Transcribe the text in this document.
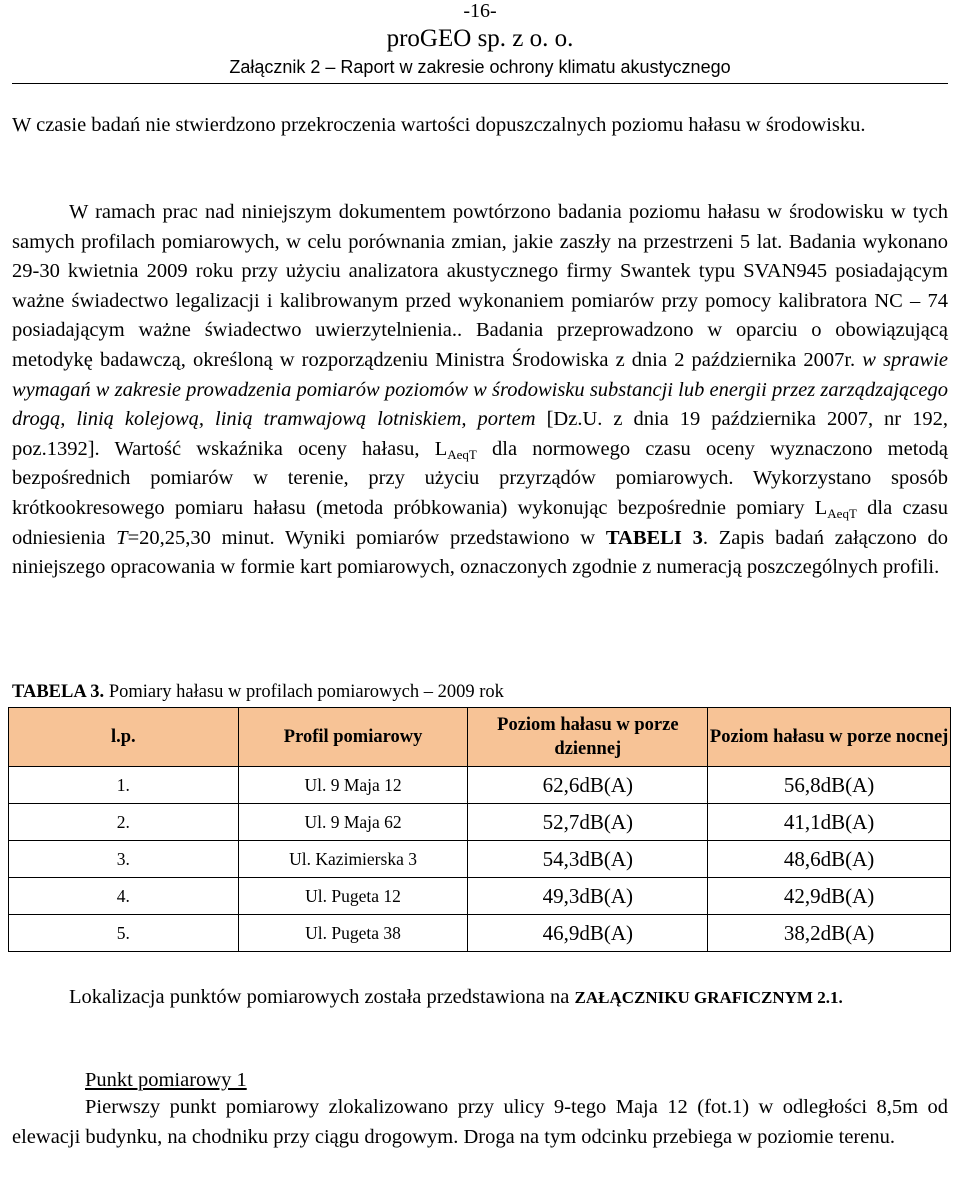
-16-
proGEO sp. z o. o.
Załącznik 2 – Raport w zakresie ochrony klimatu akustycznego
W czasie badań nie stwierdzono przekroczenia wartości dopuszczalnych poziomu hałasu w środowisku.
W ramach prac nad niniejszym dokumentem powtórzono badania poziomu hałasu w środowisku w tych samych profilach pomiarowych, w celu porównania zmian, jakie zaszły na przestrzeni 5 lat. Badania wykonano 29-30 kwietnia 2009 roku przy użyciu analizatora akustycznego firmy Swantek typu SVAN945 posiadającym ważne świadectwo legalizacji i kalibrowanym przed wykonaniem pomiarów przy pomocy kalibratora NC – 74 posiadającym ważne świadectwo uwierzytelnienia.. Badania przeprowadzono w oparciu o obowiązującą metodykę badawczą, określoną w rozporządzeniu Ministra Środowiska z dnia 2 października 2007r. w sprawie wymagań w zakresie prowadzenia pomiarów poziomów w środowisku substancji lub energii przez zarządzającego drogą, linią kolejową, linią tramwajową lotniskiem, portem [Dz.U. z dnia 19 października 2007, nr 192, poz.1392]. Wartość wskaźnika oceny hałasu, $L_{AeqT}$ dla normowego czasu oceny wyznaczono metodą bezpośrednich pomiarów w terenie, przy użyciu przyrządów pomiarowych. Wykorzystano sposób krótkookresowego pomiaru hałasu (metoda próbkowania) wykonując bezpośrednie pomiary $L_{AeqT}$ dla czasu odniesienia T=20,25,30 minut. Wyniki pomiarów przedstawiono w TABELI 3. Zapis badań załączono do niniejszego opracowania w formie kart pomiarowych, oznaczonych zgodnie z numeracją poszczególnych profili.
TABELA 3. Pomiary hałasu w profilach pomiarowych – 2009 rok
l.p.	Profil pomiarowy	Poziom hałasu w porze dziennej	Poziom hałasu w porze nocnej
1.	Ul. 9 Maja 12	62,6dB(A)	56,8dB(A)
2.	Ul. 9 Maja 62	52,7dB(A)	41,1dB(A)
3.	Ul. Kazimierska 3	54,3dB(A)	48,6dB(A)
4.	Ul. Pugeta 12	49,3dB(A)	42,9dB(A)
5.	Ul. Pugeta 38	46,9dB(A)	38,2dB(A)
Lokalizacja punktów pomiarowych została przedstawiona na ZAŁĄCZNIKU GRAFICZNYM 2.1.
Punkt pomiarowy 1
Pierwszy punkt pomiarowy zlokalizowano przy ulicy 9-tego Maja 12 (fot.1) w odległości 8,5m od elewacji budynku, na chodniku przy ciągu drogowym. Droga na tym odcinku przebiega w poziomie terenu.
